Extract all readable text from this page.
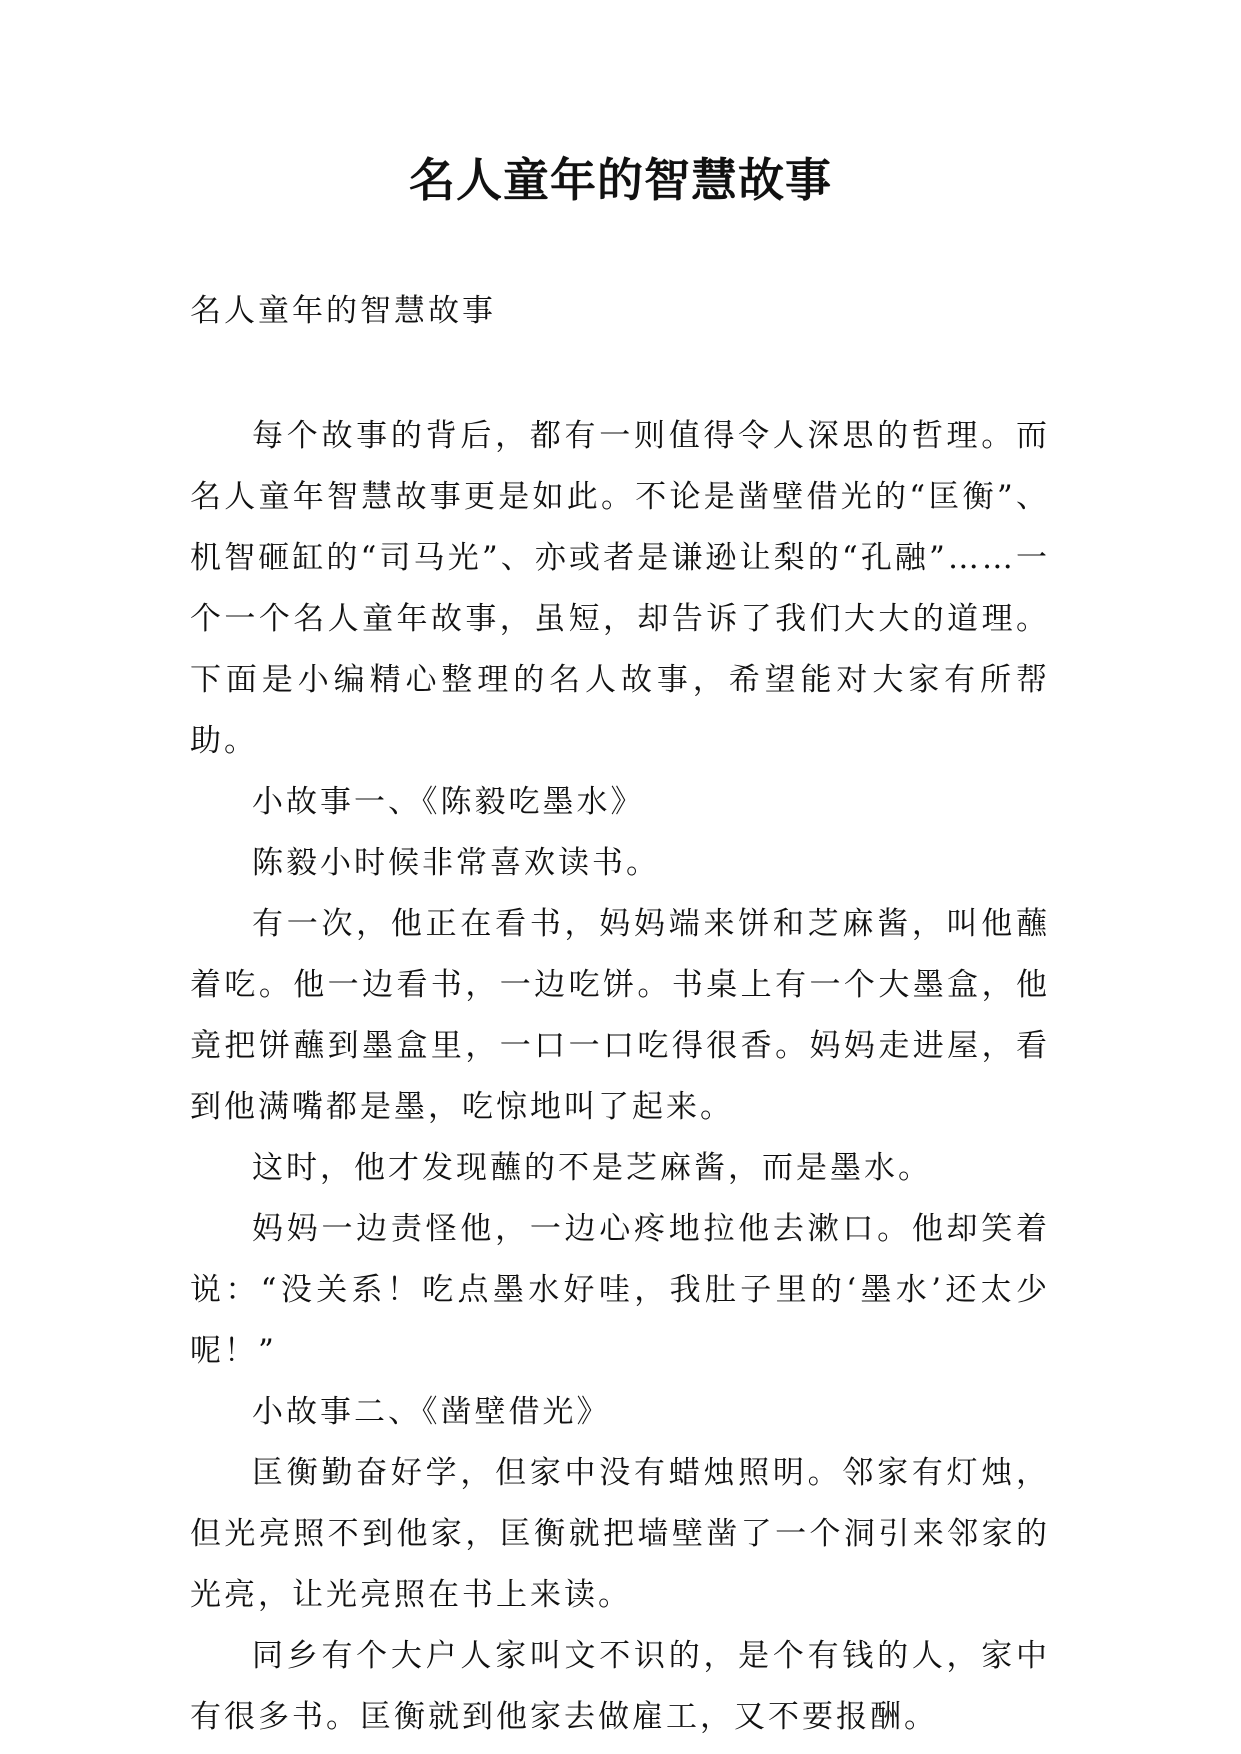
名人童年的智慧故事
名人童年的智慧故事

每个故事的背后，都有一则值得令人深思的哲理。而名人童年智慧故事更是如此。不论是凿壁借光的“匡衡”、机智砸缸的“司马光”、亦或者是谦逊让梨的“孔融”……一个一个名人童年故事，虽短，却告诉了我们大大的道理。下面是小编精心整理的名人故事，希望能对大家有所帮助。

小故事一、《陈毅吃墨水》

陈毅小时候非常喜欢读书。

有一次，他正在看书，妈妈端来饼和芝麻酱，叫他蘸着吃。他一边看书，一边吃饼。书桌上有一个大墨盒，他竟把饼蘸到墨盒里，一口一口吃得很香。妈妈走进屋，看到他满嘴都是墨，吃惊地叫了起来。

这时，他才发现蘸的不是芝麻酱，而是墨水。

妈妈一边责怪他，一边心疼地拉他去漱口。他却笑着说：“没关系！吃点墨水好哇，我肚子里的‘墨水’还太少呢！”

小故事二、《凿壁借光》

匡衡勤奋好学，但家中没有蜡烛照明。邻家有灯烛，但光亮照不到他家，匡衡就把墙壁凿了一个洞引来邻家的光亮，让光亮照在书上来读。

同乡有个大户人家叫文不识的，是个有钱的人，家中有很多书。匡衡就到他家去做雇工，又不要报酬。
